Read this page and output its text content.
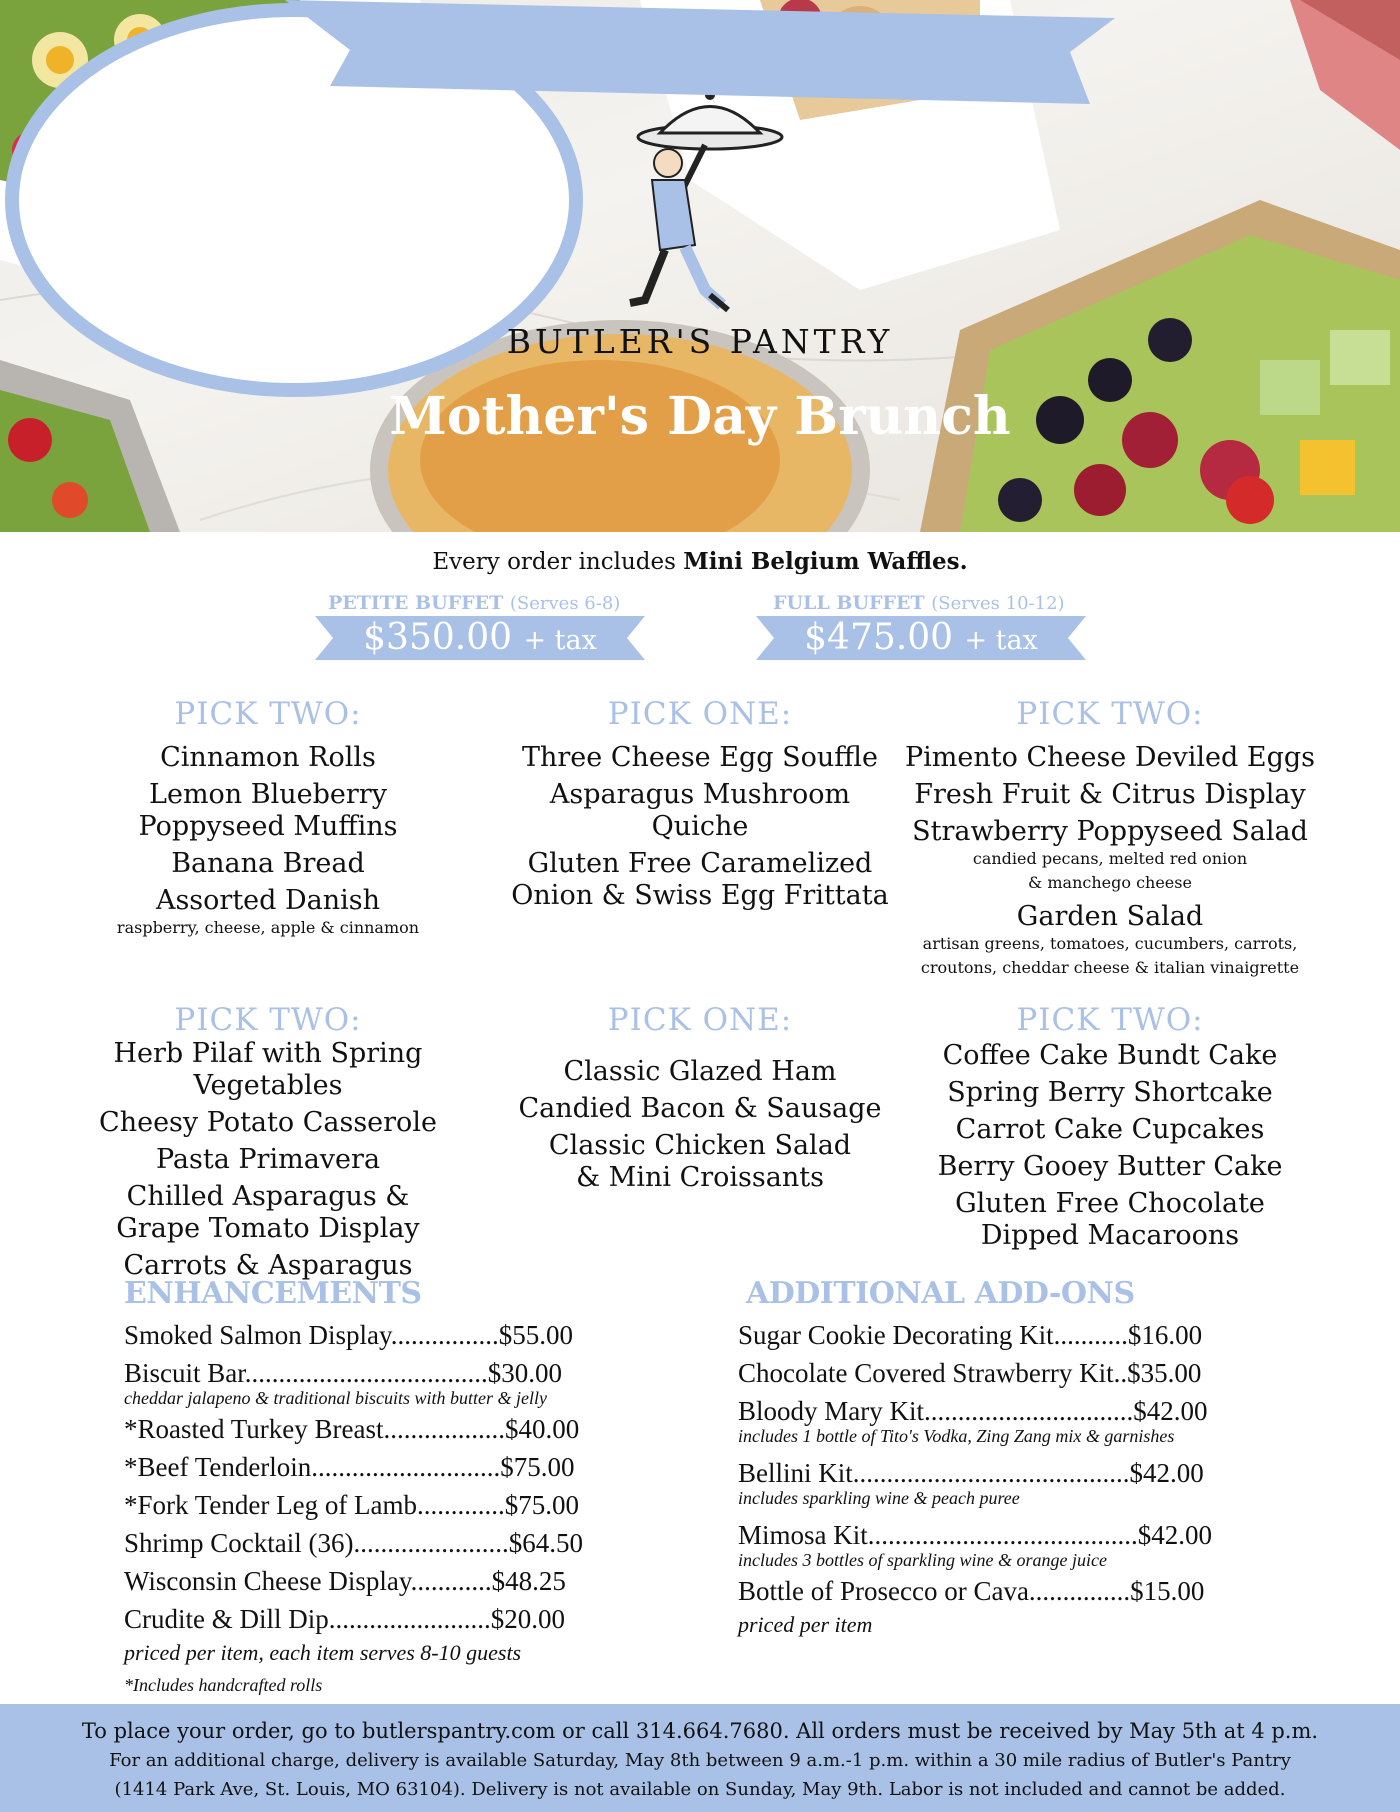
BUTLER'S PANTRY
Mother's Day Brunch
Every order includes Mini Belgium Waffles.
PETITE BUFFET (Serves 6-8)
$350.00 + tax
FULL BUFFET (Serves 10-12)
$475.00 + tax
PICK TWO:
Cinnamon Rolls
Lemon Blueberry
Poppyseed Muffins
Banana Bread
Assorted Danish
raspberry, cheese, apple & cinnamon
PICK ONE:
Three Cheese Egg Souffle
Asparagus Mushroom Quiche
Gluten Free Caramelized
Onion & Swiss Egg Frittata
PICK TWO:
Pimento Cheese Deviled Eggs
Fresh Fruit & Citrus Display
Strawberry Poppyseed Salad
candied pecans, melted red onion
& manchego cheese
Garden Salad
artisan greens, tomatoes, cucumbers, carrots,
croutons, cheddar cheese & italian vinaigrette
PICK TWO:
Herb Pilaf with Spring Vegetables
Cheesy Potato Casserole
Pasta Primavera
Chilled Asparagus &
Grape Tomato Display
Carrots & Asparagus
PICK ONE:
Classic Glazed Ham
Candied Bacon & Sausage
Classic Chicken Salad
& Mini Croissants
PICK TWO:
Coffee Cake Bundt Cake
Spring Berry Shortcake
Carrot Cake Cupcakes
Berry Gooey Butter Cake
Gluten Free Chocolate
Dipped Macaroons
ENHANCEMENTS
Smoked Salmon Display................$55.00
Biscuit Bar....................................$30.00
cheddar jalapeno & traditional biscuits with butter & jelly
*Roasted Turkey Breast..................$40.00
*Beef Tenderloin............................$75.00
*Fork Tender Leg of Lamb.............$75.00
Shrimp Cocktail (36).......................$64.50
Wisconsin Cheese Display............$48.25
Crudite & Dill Dip........................$20.00
priced per item, each item serves 8-10 guests
*Includes handcrafted rolls
ADDITIONAL ADD-ONS
Sugar Cookie Decorating Kit...........$16.00
Chocolate Covered Strawberry Kit..$35.00
Bloody Mary Kit...............................$42.00
includes 1 bottle of Tito's Vodka, Zing Zang mix & garnishes
Bellini Kit.........................................$42.00
includes sparkling wine & peach puree
Mimosa Kit........................................$42.00
includes 3 bottles of sparkling wine & orange juice
Bottle of Prosecco or Cava...............$15.00
priced per item

To place your order, go to butlerspantry.com or call 314.664.7680. All orders must be received by May 5th at 4 p.m.

For an additional charge, delivery is available Saturday, May 8th between 9 a.m.-1 p.m. within a 30 mile radius of Butler's Pantry

(1414 Park Ave, St. Louis, MO 63104). Delivery is not available on Sunday, May 9th. Labor is not included and cannot be added.
